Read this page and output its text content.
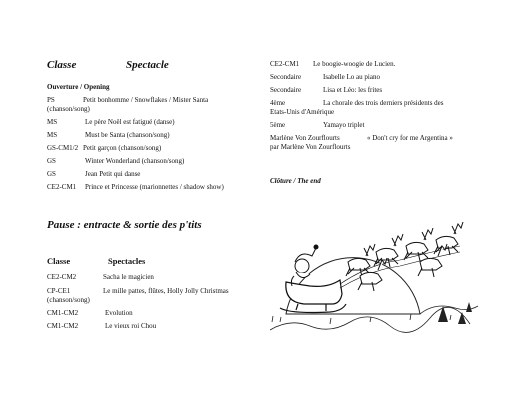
Classe	Spectacle
Ouverture / Opening
PS	Petit bonhomme / Snowflakes / Mister Santa
(chanson/song)
MS	Le père Noël est fatigué (danse)
MS	Must be Santa (chanson/song)
GS-CM1/2 Petit garçon (chanson/song)
GS	Winter Wonderland (chanson/song)
GS	Jean Petit qui danse
CE2-CM1 Prince et Princesse (marionnettes / shadow show)
Pause : entracte & sortie des p'tits
Classe	Spectacles
CE2-CM2	Sacha le magicien
CP-CE1	Le mille pattes, flûtes, Holly Jolly Christmas
(chanson/song)
CM1-CM2	Evolution
CM1-CM2	Le vieux roi Chou
CE2-CM1 Le boogie-woogie de Lucien.
Secondaire	Isabelle Lo au piano
Secondaire	Lisa et Léo: les frites
4ème	La chorale des trois derniers présidents des
Etats-Unis d'Amérique
5ème	Yamayo triplet
Marlène Von Zourflourts	« Don't cry for me Argentina »
par Marlène Von Zourflourts
Clôture / The end
